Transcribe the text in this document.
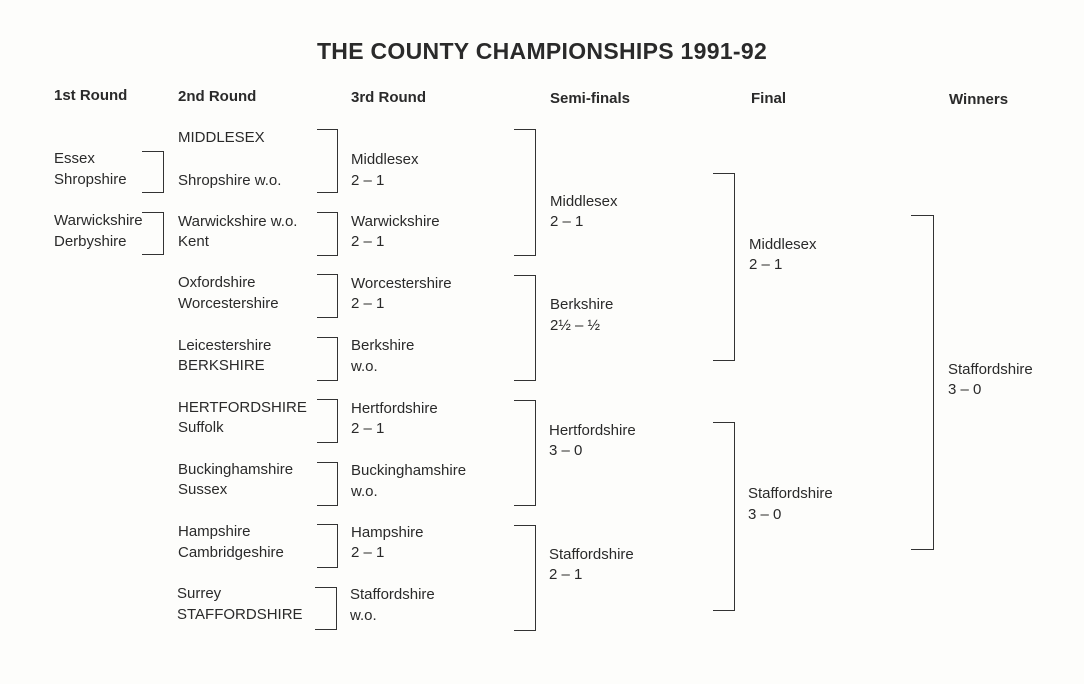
THE COUNTY CHAMPIONSHIPS 1991-92
1st Round	2nd Round	3rd Round	Semi-finals	Final	Winners
Essex
Shropshire
Warwickshire
Derbyshire
MIDDLESEX
Shropshire w.o.
Warwickshire w.o.
Kent
Oxfordshire
Worcestershire
Leicestershire
BERKSHIRE
HERTFORDSHIRE
Suffolk
Buckinghamshire
Sussex
Hampshire
Cambridgeshire
Surrey
STAFFORDSHIRE
Middlesex
2 – 1
Warwickshire
2 – 1
Worcestershire
2 – 1
Berkshire
w.o.
Hertfordshire
2 – 1
Buckinghamshire
w.o.
Hampshire
2 – 1
Staffordshire
w.o.
Middlesex
2 – 1
Berkshire
2½ – ½
Hertfordshire
3 – 0
Staffordshire
2 – 1
Middlesex
2 – 1
Staffordshire
3 – 0
Staffordshire
3 – 0
